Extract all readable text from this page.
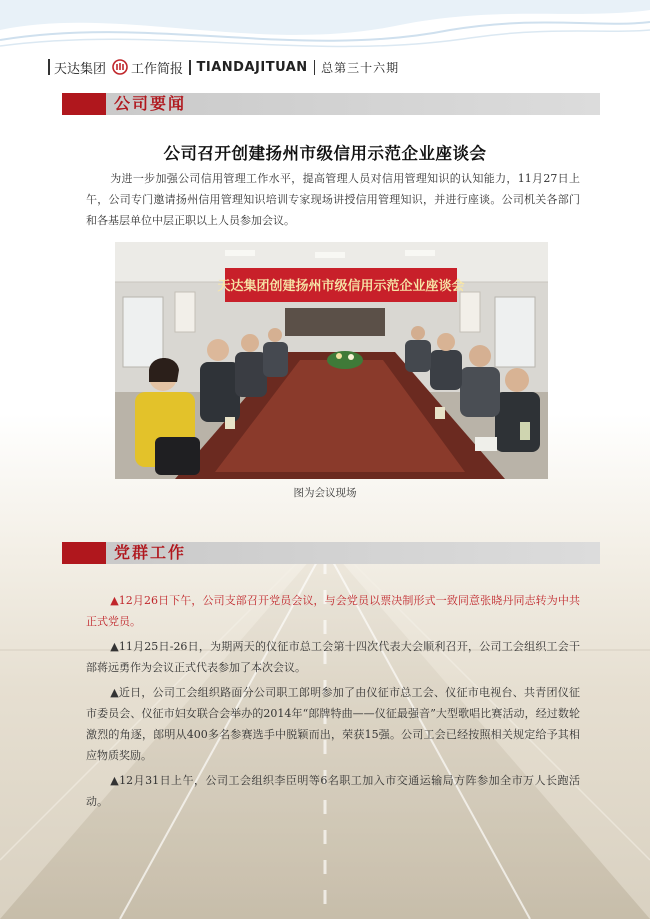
天达集团 工作简报 TIANDAJITUAN 总第三十六期
公司要闻
公司召开创建扬州市级信用示范企业座谈会

为进一步加强公司信用管理工作水平，提高管理人员对信用管理知识的认知能力，11月27日上午，公司专门邀请扬州信用管理知识培训专家现场讲授信用管理知识，并进行座谈。公司机关各部门和各基层单位中层正职以上人员参加会议。

天达集团创建扬州市级信用示范企业座谈会
图为会议现场
党群工作

▲12月26日下午，公司支部召开党员会议，与会党员以票决制形式一致同意张晓丹同志转为中共正式党员。

▲11月25日-26日，为期两天的仪征市总工会第十四次代表大会顺利召开，公司工会组织工会干部蒋远勇作为会议正式代表参加了本次会议。

▲近日，公司工会组织路面分公司职工郎明参加了由仪征市总工会、仪征市电视台、共青团仪征市委员会、仪征市妇女联合会举办的2014年“郎牌特曲——仪征最强音”大型歌唱比赛活动，经过数轮激烈的角逐，郎明从400多名参赛选手中脱颖而出，荣获15强。公司工会已经按照相关规定给予其相应物质奖励。

▲12月31日上午，公司工会组织李臣明等6名职工加入市交通运输局方阵参加全市万人长跑活动。
